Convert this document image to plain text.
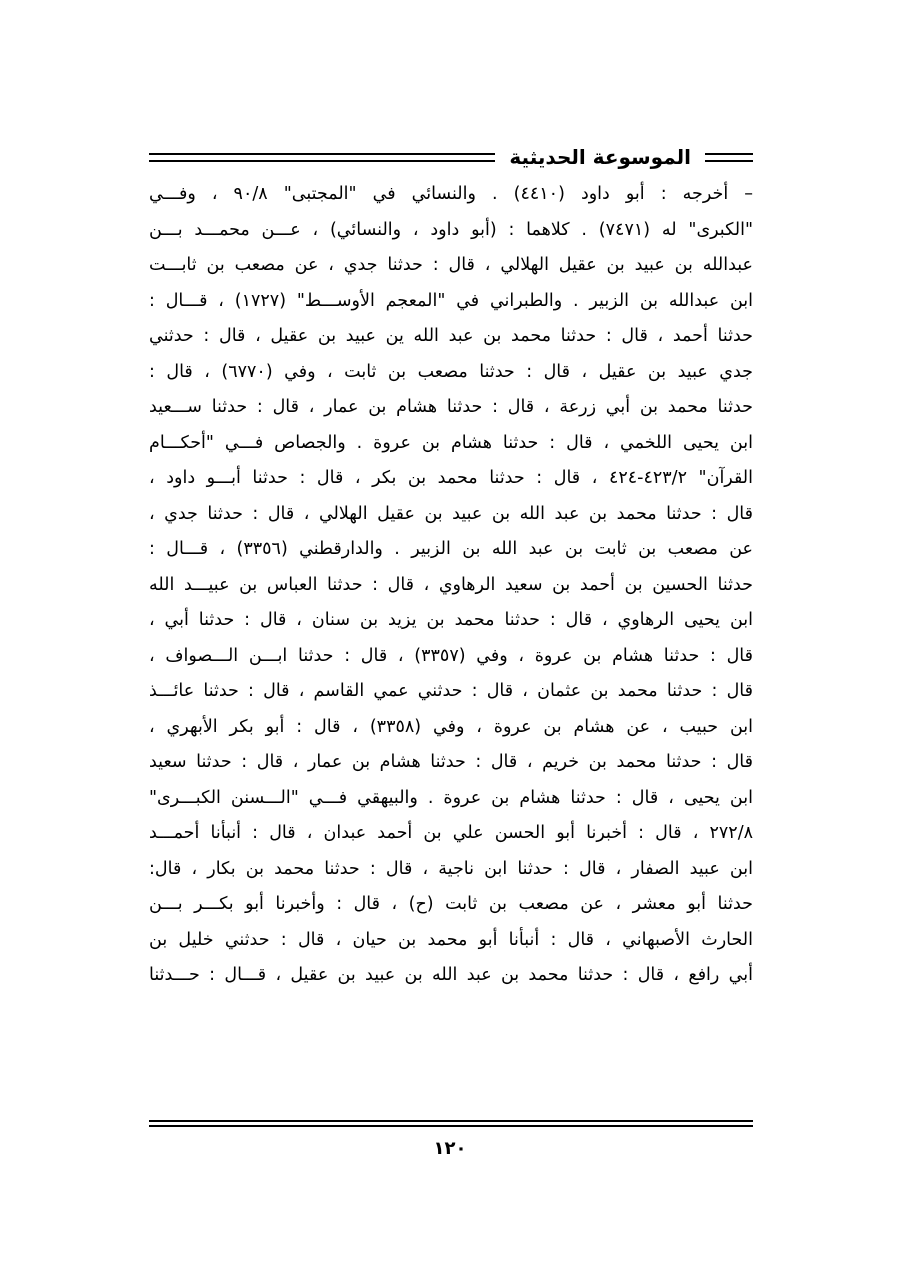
الموسوعة الحديثية
– أخرجه : أبو داود (٤٤١٠) . والنسائي في "المجتبى" ٩٠/٨ ، وفـــي
"الكبرى" له (٧٤٧١) . كلاهما : (أبو داود ، والنسائي) ، عـــن محمـــد بـــن
عبدالله بن عبيد بن عقيل الهلالي ، قال : حدثنا جدي ، عن مصعب بن ثابـــت
ابن عبدالله بن الزبير . والطبراني في "المعجم الأوســـط" (١٧٢٧) ، قـــال :
حدثنا أحمد ، قال : حدثنا محمد بن عبد الله ين عبيد بن عقيل ، قال : حدثني
جدي عبيد بن عقيل ، قال : حدثنا مصعب بن ثابت ، وفي (٦٧٧٠) ، قال :
حدثنا محمد بن أبي زرعة ، قال : حدثنا هشام بن عمار ، قال : حدثنا ســـعيد
ابن يحيى اللخمي ، قال : حدثنا هشام بن عروة . والجصاص فـــي "أحكـــام
القرآن" ٤٢٣/٢-٤٢٤ ، قال : حدثنا محمد بن بكر ، قال : حدثنا أبـــو داود ،
قال : حدثنا محمد بن عبد الله بن عبيد بن عقيل الهلالي ، قال : حدثنا جدي ،
عن مصعب بن ثابت بن عبد الله بن الزبير . والدارقطني (٣٣٥٦) ، قـــال :
حدثنا الحسين بن أحمد بن سعيد الرهاوي ، قال : حدثنا العباس بن عبيـــد الله
ابن يحيى الرهاوي ، قال : حدثنا محمد بن يزيد بن سنان ، قال : حدثنا أبي ،
قال : حدثنا هشام بن عروة ، وفي (٣٣٥٧) ، قال : حدثنا ابـــن الـــصواف ،
قال : حدثنا محمد بن عثمان ، قال : حدثني عمي القاسم ، قال : حدثنا عائـــذ
ابن حبيب ، عن هشام بن عروة ، وفي (٣٣٥٨) ، قال : أبو بكر الأبهري ،
قال : حدثنا محمد بن خريم ، قال : حدثنا هشام بن عمار ، قال : حدثنا سعيد
ابن يحيى ، قال : حدثنا هشام بن عروة . والبيهقي فـــي "الـــسنن الكبـــرى"
٢٧٢/٨ ، قال : أخبرنا أبو الحسن علي بن أحمد عبدان ، قال : أنبأنا أحمـــد
ابن عبيد الصفار ، قال : حدثنا ابن ناجية ، قال : حدثنا محمد بن بكار ، قال:
حدثنا أبو معشر ، عن مصعب بن ثابت (ح) ، قال : وأخبرنا أبو بكـــر بـــن
الحارث الأصبهاني ، قال : أنبأنا أبو محمد بن حيان ، قال : حدثني خليل بن
أبي رافع ، قال : حدثنا محمد بن عبد الله بن عبيد بن عقيل ، قـــال : حـــدثنا
١٢٠
